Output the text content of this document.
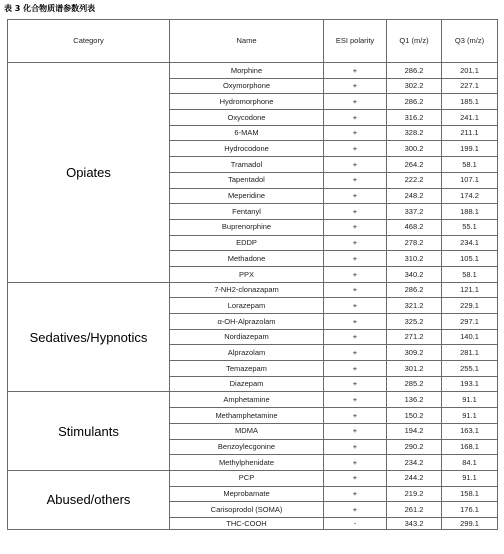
表 3 化合物质谱参数列表
Category	Name	ESI polarity	Q1 (m/z)	Q3 (m/z)
Opiates	Morphine	+	286.2	201.1
	Oxymorphone	+	302.2	227.1
	Hydromorphone	+	286.2	185.1
	Oxycodone	+	316.2	241.1
	6-MAM	+	328.2	211.1
	Hydrocodone	+	300.2	199.1
	Tramadol	+	264.2	58.1
	Tapentadol	+	222.2	107.1
	Meperidine	+	248.2	174.2
	Fentanyl	+	337.2	188.1
	Buprenorphine	+	468.2	55.1
	EDDP	+	278.2	234.1
	Methadone	+	310.2	105.1
	PPX	+	340.2	58.1
Sedatives/Hypnotics	7-NH2-clonazapam	+	286.2	121.1
	Lorazepam	+	321.2	229.1
	α-OH-Alprazolam	+	325.2	297.1
	Nordiazepam	+	271.2	140.1
	Alprazolam	+	309.2	281.1
	Temazepam	+	301.2	255.1
	Diazepam	+	285.2	193.1
Stimulants	Amphetamine	+	136.2	91.1
	Methamphetamine	+	150.2	91.1
	MDMA	+	194.2	163.1
	Benzoylecgonine	+	290.2	168.1
	Methylphenidate	+	234.2	84.1
Abused/others	PCP	+	244.2	91.1
	Meprobamate	+	219.2	158.1
	Carisoprodol (SOMA)	+	261.2	176.1
	THC-COOH	-	343.2	299.1
